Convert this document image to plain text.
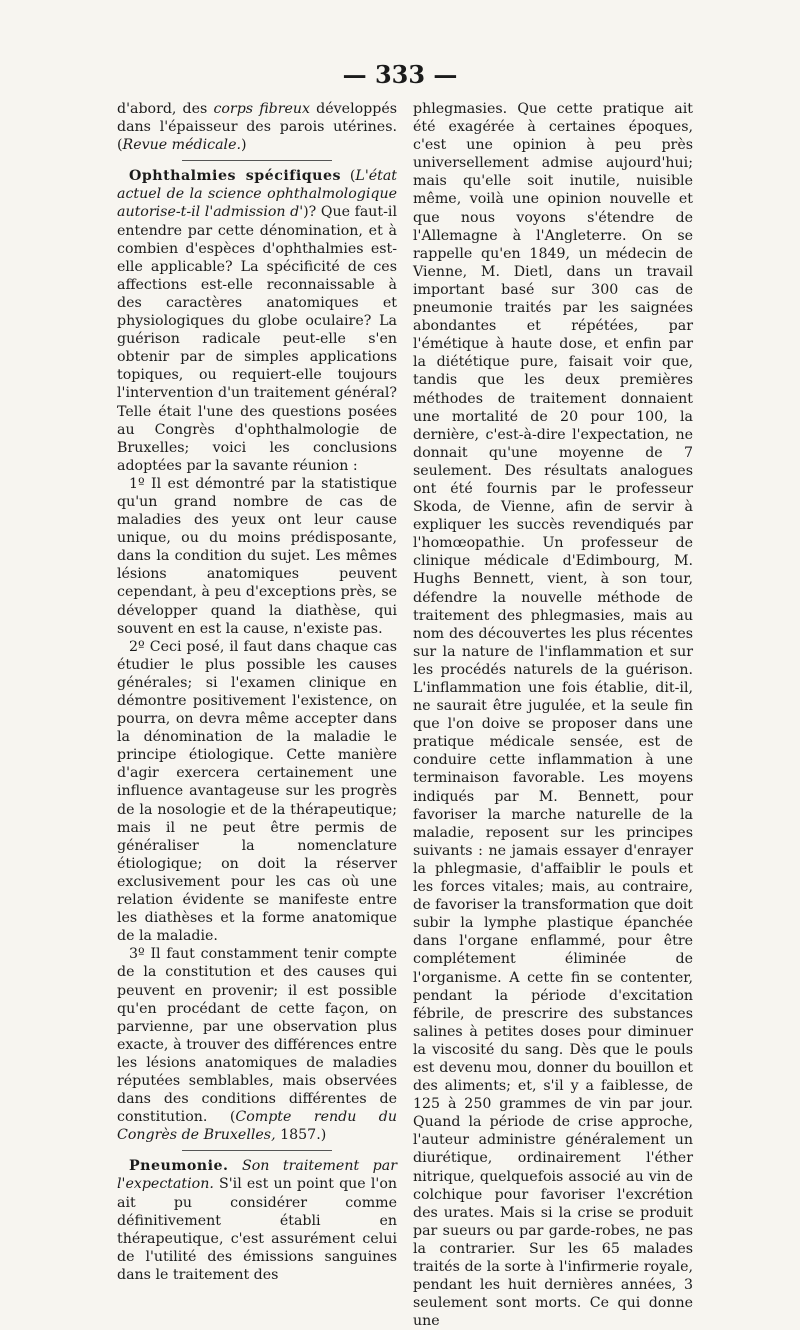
— 333 —

d'abord, des corps fibreux développés dans l'épaisseur des parois utérines. (Revue médicale.)

Ophthalmies spécifiques (L'état actuel de la science ophthalmologique autorise-t-il l'admission d')? Que faut-il entendre par cette dénomination, et à combien d'espèces d'ophthalmies est-elle applicable? La spécificité de ces affections est-elle reconnaissable à des caractères anatomiques et physiologiques du globe oculaire? La guérison radicale peut-elle s'en obtenir par de simples applications topiques, ou requiert-elle toujours l'intervention d'un traitement général? Telle était l'une des questions posées au Congrès d'ophthalmologie de Bruxelles; voici les conclusions adoptées par la savante réunion :

1º Il est démontré par la statistique qu'un grand nombre de cas de maladies des yeux ont leur cause unique, ou du moins prédisposante, dans la condition du sujet. Les mêmes lésions anatomiques peuvent cependant, à peu d'exceptions près, se développer quand la diathèse, qui souvent en est la cause, n'existe pas.

2º Ceci posé, il faut dans chaque cas étudier le plus possible les causes générales; si l'examen clinique en démontre positivement l'existence, on pourra, on devra même accepter dans la dénomination de la maladie le principe étiologique. Cette manière d'agir exercera certainement une influence avantageuse sur les progrès de la nosologie et de la thérapeutique; mais il ne peut être permis de généraliser la nomenclature étiologique; on doit la réserver exclusivement pour les cas où une relation évidente se manifeste entre les diathèses et la forme anatomique de la maladie.

3º Il faut constamment tenir compte de la constitution et des causes qui peuvent en provenir; il est possible qu'en procédant de cette façon, on parvienne, par une observation plus exacte, à trouver des différences entre les lésions anatomiques de maladies réputées semblables, mais observées dans des conditions différentes de constitution. (Compte rendu du Congrès de Bruxelles, 1857.)

Pneumonie. Son traitement par l'expectation. S'il est un point que l'on ait pu considérer comme définitivement établi en thérapeutique, c'est assurément celui de l'utilité des émissions sanguines dans le traitement des

phlegmasies. Que cette pratique ait été exagérée à certaines époques, c'est une opinion à peu près universellement admise aujourd'hui; mais qu'elle soit inutile, nuisible même, voilà une opinion nouvelle et que nous voyons s'étendre de l'Allemagne à l'Angleterre. On se rappelle qu'en 1849, un médecin de Vienne, M. Dietl, dans un travail important basé sur 300 cas de pneumonie traités par les saignées abondantes et répétées, par l'émétique à haute dose, et enfin par la diététique pure, faisait voir que, tandis que les deux premières méthodes de traitement donnaient une mortalité de 20 pour 100, la dernière, c'est-à-dire l'expectation, ne donnait qu'une moyenne de 7 seulement. Des résultats analogues ont été fournis par le professeur Skoda, de Vienne, afin de servir à expliquer les succès revendiqués par l'homœopathie. Un professeur de clinique médicale d'Edimbourg, M. Hughs Bennett, vient, à son tour, défendre la nouvelle méthode de traitement des phlegmasies, mais au nom des découvertes les plus récentes sur la nature de l'inflammation et sur les procédés naturels de la guérison. L'inflammation une fois établie, dit-il, ne saurait être jugulée, et la seule fin que l'on doive se proposer dans une pratique médicale sensée, est de conduire cette inflammation à une terminaison favorable. Les moyens indiqués par M. Bennett, pour favoriser la marche naturelle de la maladie, reposent sur les principes suivants : ne jamais essayer d'enrayer la phlegmasie, d'affaiblir le pouls et les forces vitales; mais, au contraire, de favoriser la transformation que doit subir la lymphe plastique épanchée dans l'organe enflammé, pour être complétement éliminée de l'organisme. A cette fin se contenter, pendant la période d'excitation fébrile, de prescrire des substances salines à petites doses pour diminuer la viscosité du sang. Dès que le pouls est devenu mou, donner du bouillon et des aliments; et, s'il y a faiblesse, de 125 à 250 grammes de vin par jour. Quand la période de crise approche, l'auteur administre généralement un diurétique, ordinairement l'éther nitrique, quelquefois associé au vin de colchique pour favoriser l'excrétion des urates. Mais si la crise se produit par sueurs ou par garde-robes, ne pas la contrarier. Sur les 65 malades traités de la sorte à l'infirmerie royale, pendant les huit dernières années, 3 seulement sont morts. Ce qui donne une
